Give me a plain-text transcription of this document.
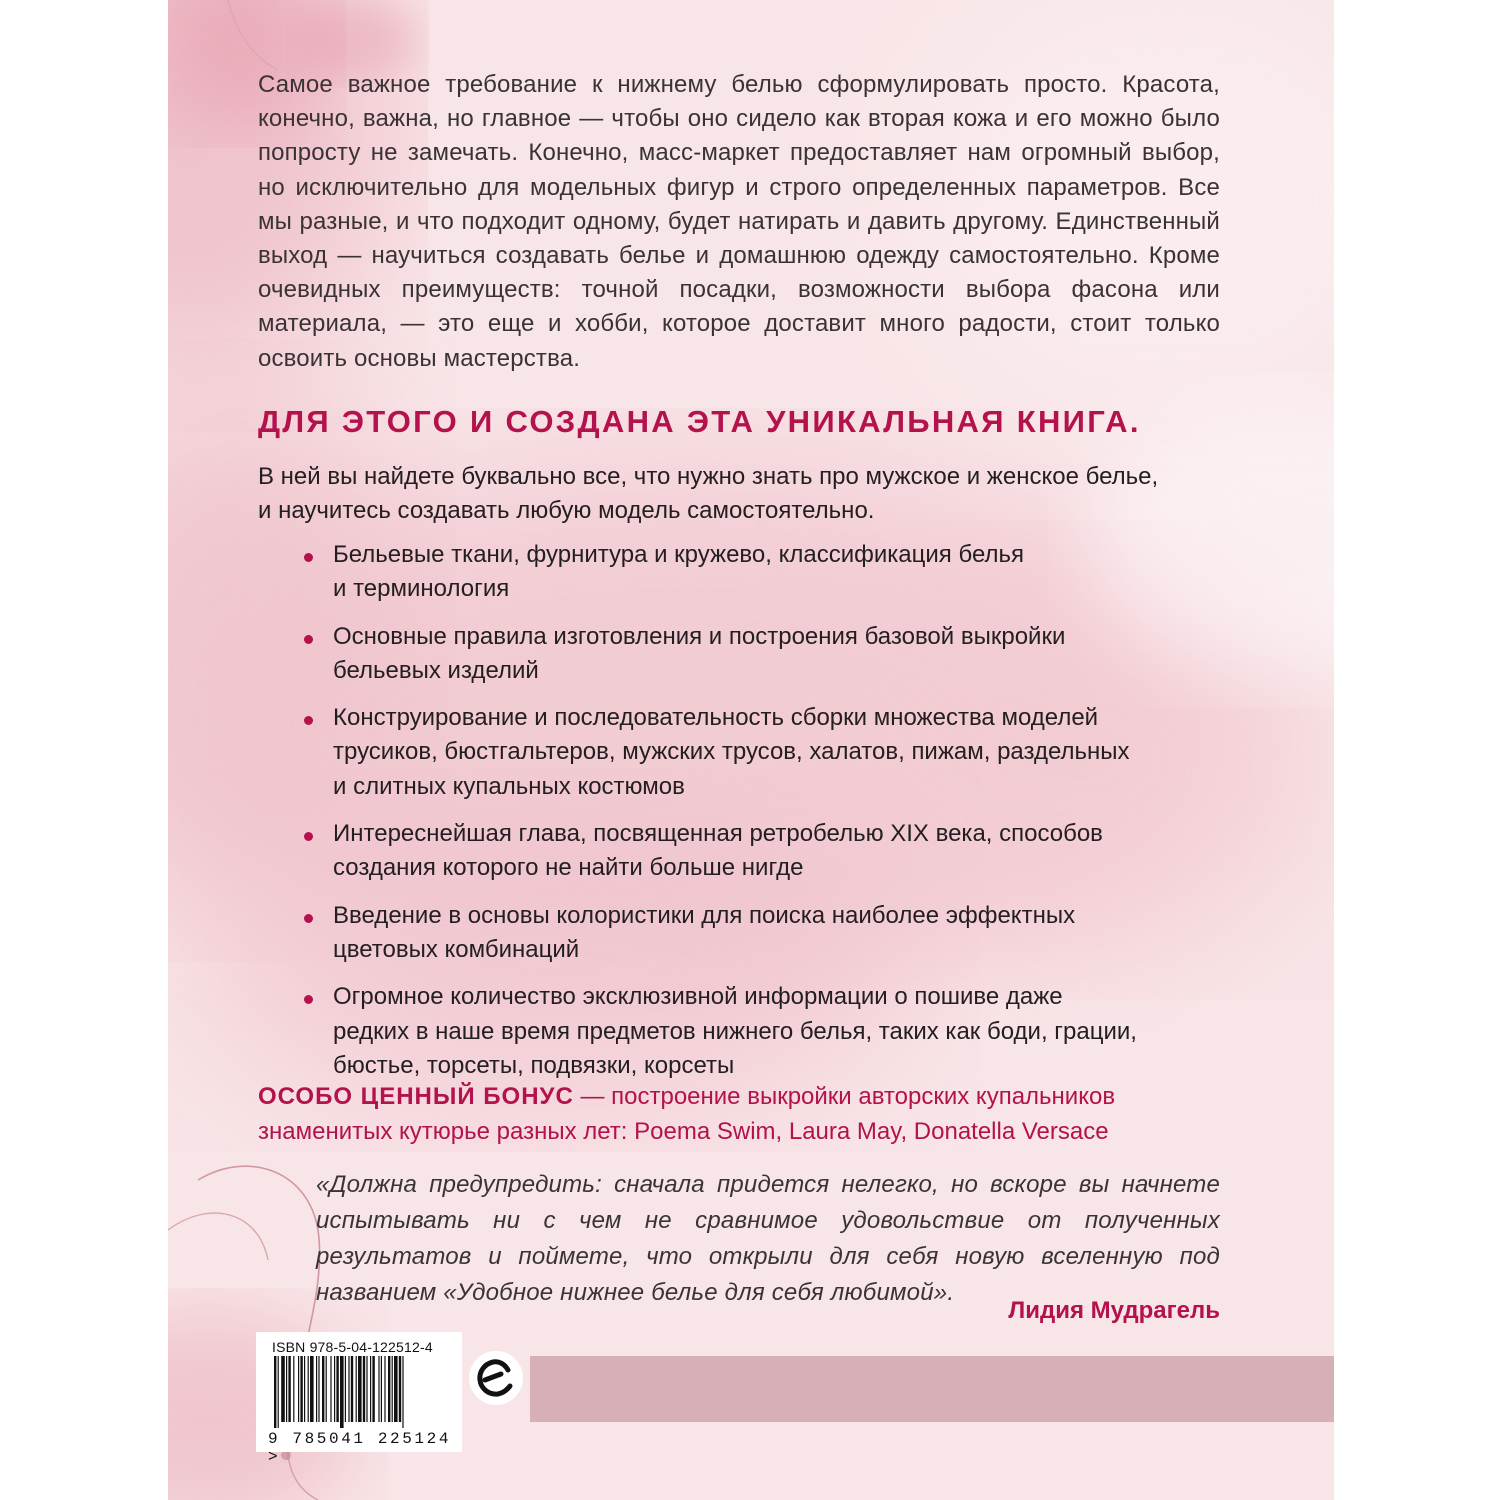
Самое важное требование к нижнему белью сформулировать просто. Красота, конечно, важна, но главное — чтобы оно сидело как вторая кожа и его можно было попросту не замечать. Конечно, масс-маркет предоставляет нам огромный выбор, но исключительно для модельных фигур и строго определенных параметров. Все мы разные, и что подходит одному, будет натирать и давить другому. Единственный выход — научиться создавать белье и домашнюю одежду самостоятельно. Кроме очевидных преимуществ: точной посадки, возможности выбора фасона или материала, — это еще и хобби, которое доставит много радости, стоит только освоить основы мастерства.

ДЛЯ ЭТОГО И СОЗДАНА ЭТА УНИКАЛЬНАЯ КНИГА.

В ней вы найдете буквально все, что нужно знать про мужское и женское белье,
и научитесь создавать любую модель самостоятельно.

Бельевые ткани, фурнитура и кружево, классификация белья
и терминология
Основные правила изготовления и построения базовой выкройки
бельевых изделий
Конструирование и последовательность сборки множества моделей
трусиков, бюстгальтеров, мужских трусов, халатов, пижам, раздельных
и слитных купальных костюмов
Интереснейшая глава, посвященная ретробелью XIX века, способов
создания которого не найти больше нигде
Введение в основы колористики для поиска наиболее эффектных
цветовых комбинаций
Огромное количество эксклюзивной информации о пошиве даже
редких в наше время предметов нижнего белья, таких как боди, грации,
бюстье, торсеты, подвязки, корсеты

ОСОБО ЦЕННЫЙ БОНУС — построение выкройки авторских купальников
знаменитых кутюрье разных лет: Poema Swim, Laura May, Donatella Versace

«Должна предупредить: сначала придется нелегко, но вскоре вы начнете испытывать ни с чем не сравнимое удовольствие от полученных результатов и поймете, что открыли для себя новую вселенную под названием «Удобное нижнее белье для себя любимой».

Лидия Мудрагель
ISBN 978-5-04-122512-4
9 785041 225124 >
